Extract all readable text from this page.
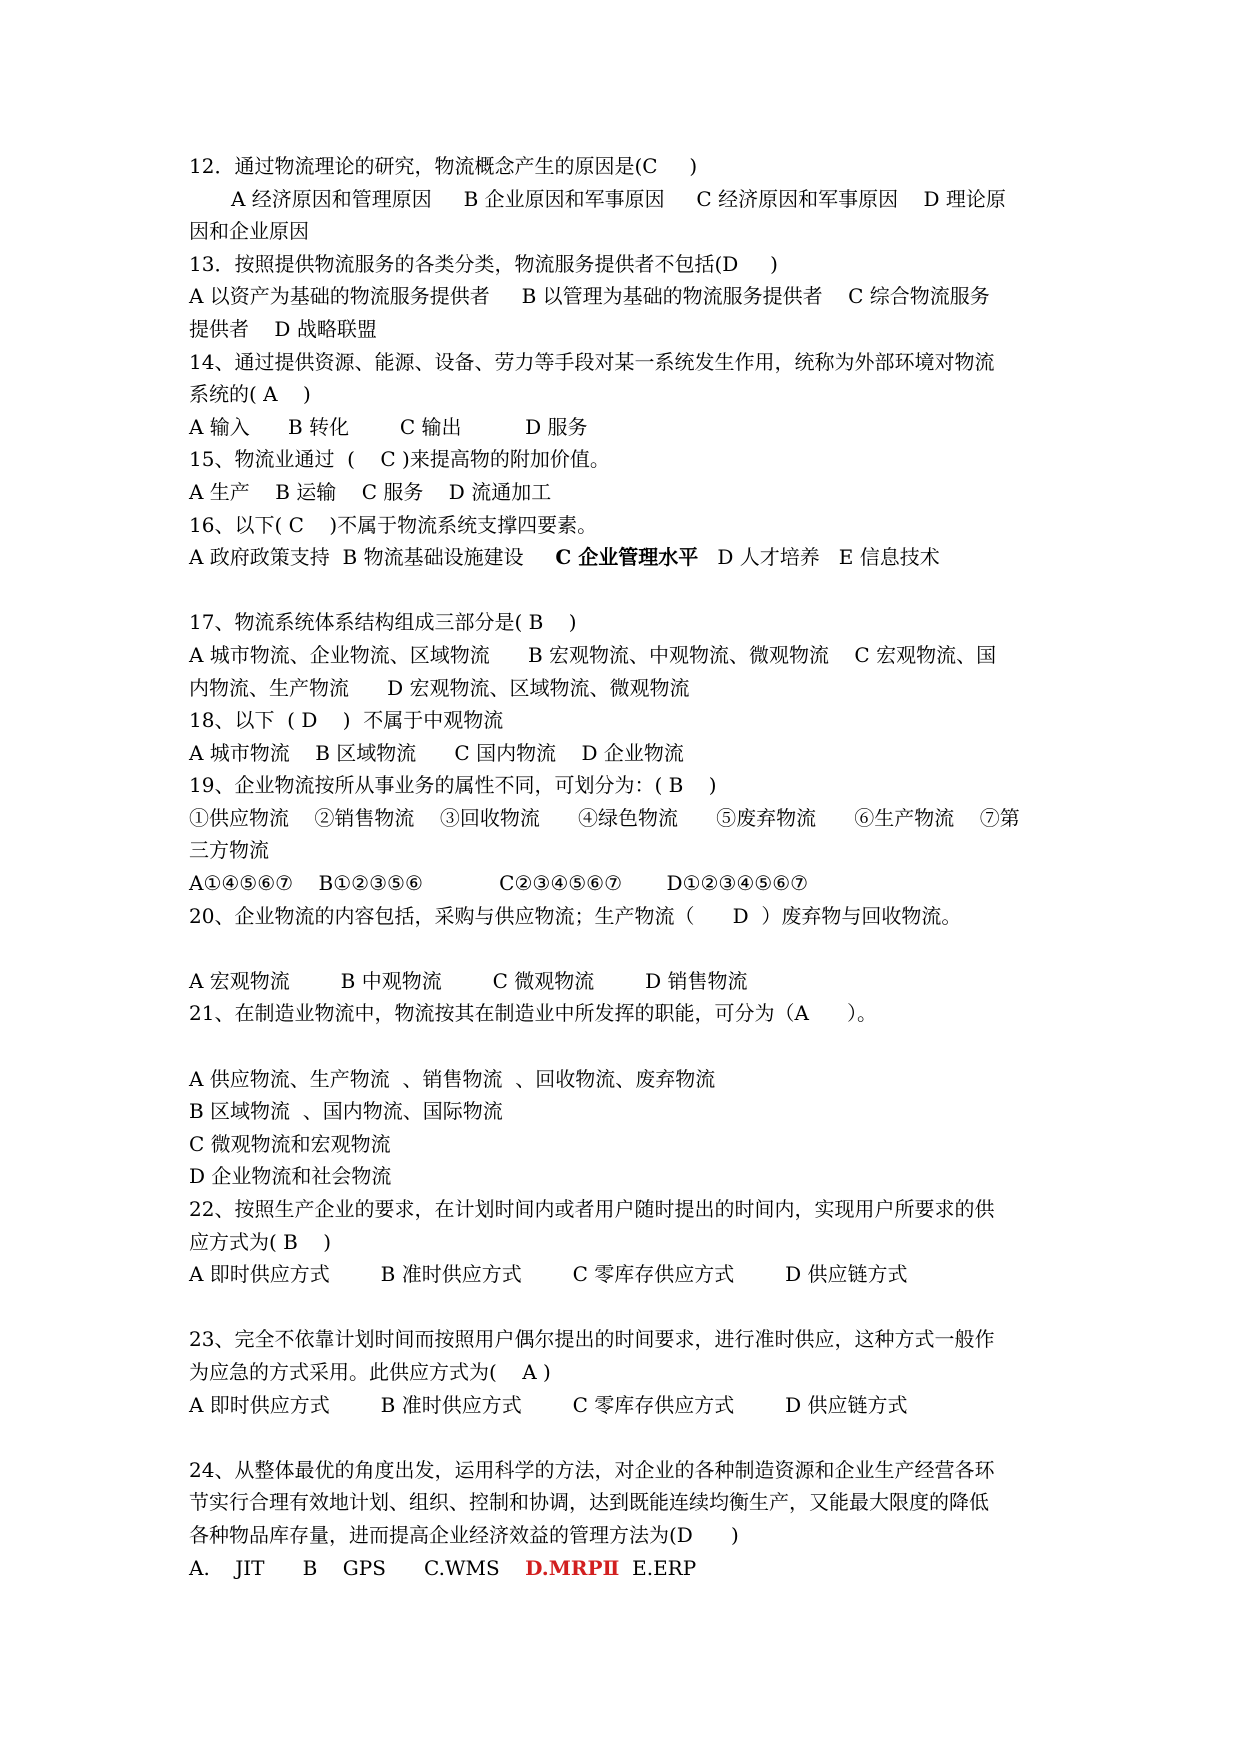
12．通过物流理论的研究，物流概念产生的原因是(C     )
A 经济原因和管理原因     B 企业原因和军事原因     C 经济原因和军事原因    D 理论原
因和企业原因
13．按照提供物流服务的各类分类，物流服务提供者不包括(D     )
A 以资产为基础的物流服务提供者     B 以管理为基础的物流服务提供者    C 综合物流服务
提供者    D 战略联盟
14、通过提供资源、能源、设备、劳力等手段对某一系统发生作用，统称为外部环境对物流
系统的( A    )
A 输入      B 转化        C 输出          D 服务
15、物流业通过  (    C )来提高物的附加价值。
A 生产    B 运输    C 服务    D 流通加工
16、以下( C    )不属于物流系统支撑四要素。
A 政府政策支持  B 物流基础设施建设     C 企业管理水平   D 人才培养   E 信息技术
17、物流系统体系结构组成三部分是( B    )
A 城市物流、企业物流、区域物流      B 宏观物流、中观物流、微观物流    C 宏观物流、国
内物流、生产物流      D 宏观物流、区域物流、微观物流
18、以下  ( D    )  不属于中观物流
A 城市物流    B 区域物流      C 国内物流    D 企业物流
19、企业物流按所从事业务的属性不同，可划分为：( B    )
①供应物流    ②销售物流    ③回收物流      ④绿色物流      ⑤废弃物流      ⑥生产物流    ⑦第
三方物流
A①④⑤⑥⑦    B①②③⑤⑥            C②③④⑤⑥⑦       D①②③④⑤⑥⑦
20、企业物流的内容包括，采购与供应物流；生产物流（      D  ）废弃物与回收物流。
A 宏观物流        B 中观物流        C 微观物流        D 销售物流
21、在制造业物流中，物流按其在制造业中所发挥的职能，可分为（A      ）。
A 供应物流、生产物流  、销售物流  、回收物流、废弃物流
B 区域物流  、国内物流、国际物流
C 微观物流和宏观物流
D 企业物流和社会物流
22、按照生产企业的要求，在计划时间内或者用户随时提出的时间内，实现用户所要求的供
应方式为( B    )
A 即时供应方式        B 准时供应方式        C 零库存供应方式        D 供应链方式
23、完全不依靠计划时间而按照用户偶尔提出的时间要求，进行准时供应，这种方式一般作
为应急的方式采用。此供应方式为(    A )
A 即时供应方式        B 准时供应方式        C 零库存供应方式        D 供应链方式
24、从整体最优的角度出发，运用科学的方法，对企业的各种制造资源和企业生产经营各环
节实行合理有效地计划、组织、控制和协调，达到既能连续均衡生产，又能最大限度的降低
各种物品库存量，进而提高企业经济效益的管理方法为(D      )
A.    JIT      B    GPS      C.WMS    D.MRPⅡ  E.ERP
